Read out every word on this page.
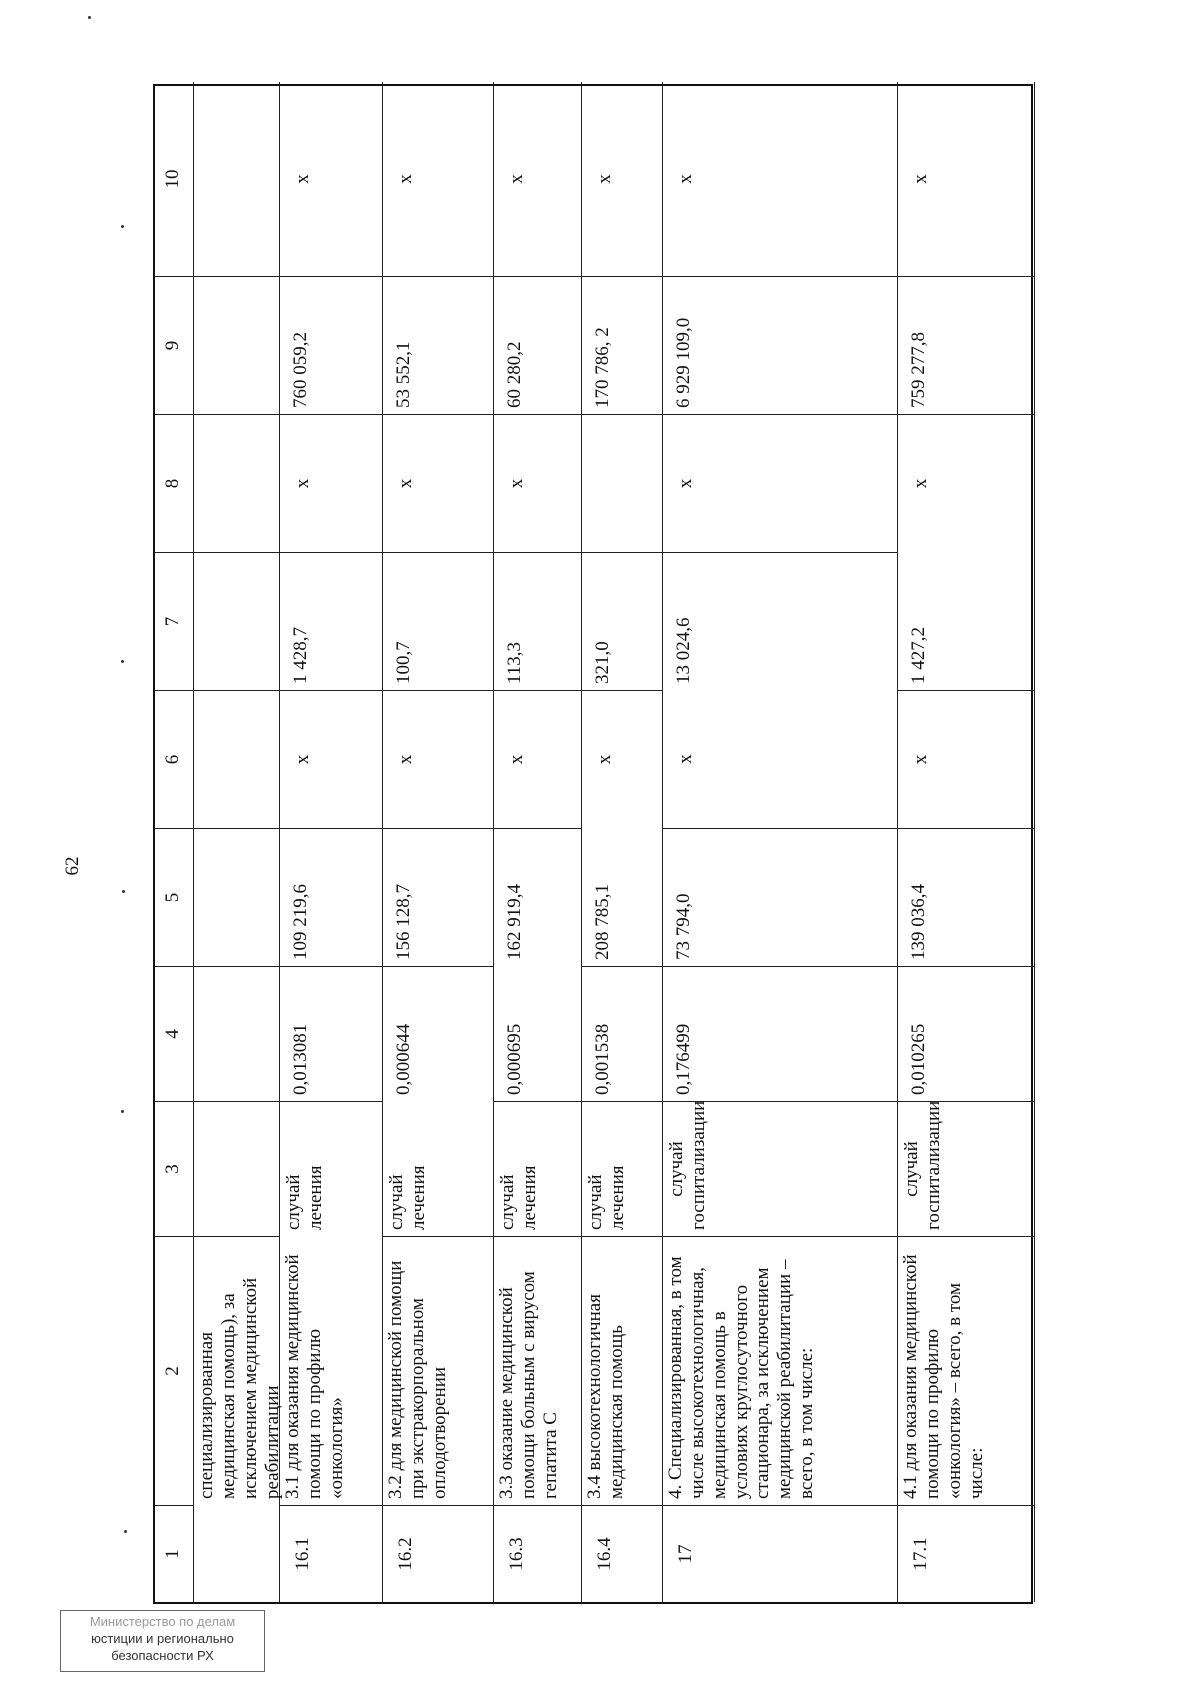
62
1
2
3
4
5
6
7
8
9
10
специализированная медицинская помощь), за исключением медицинской реабилитации
16.1
3.1 для оказания медицинской помощи по профилю «онкология»
случай лечения
0,013081
109 219,6
x
1 428,7
x
760 059,2
x
16.2
3.2 для медицинской помощи при экстракорпоральном оплодотворении
случай лечения
0,000644
156 128,7
x
100,7
x
53 552,1
x
16.3
3.3 оказание медицинской помощи больным с вирусом гепатита С
случай лечения
0,000695
162 919,4
x
113,3
x
60 280,2
x
16.4
3.4 высокотехнологичная медицинская помощь
случай лечения
0,001538
208 785,1
x
321,0
170 786, 2
x
17
4. Специализированная, в том числе высокотехнологичная, медицинская помощь в условиях круглосуточного стационара, за исключением медицинской реабилитации – всего, в том числе:
случай госпитализации
0,176499
73 794,0
x
13 024,6
x
6 929 109,0
x
17.1
4.1 для оказания медицинской помощи по профилю «онкология» – всего, в том числе:
случай госпитализации
0,010265
139 036,4
x
1 427,2
x
759 277,8
x
Министерство по делам
юстиции и регионально
безопасности РХ
